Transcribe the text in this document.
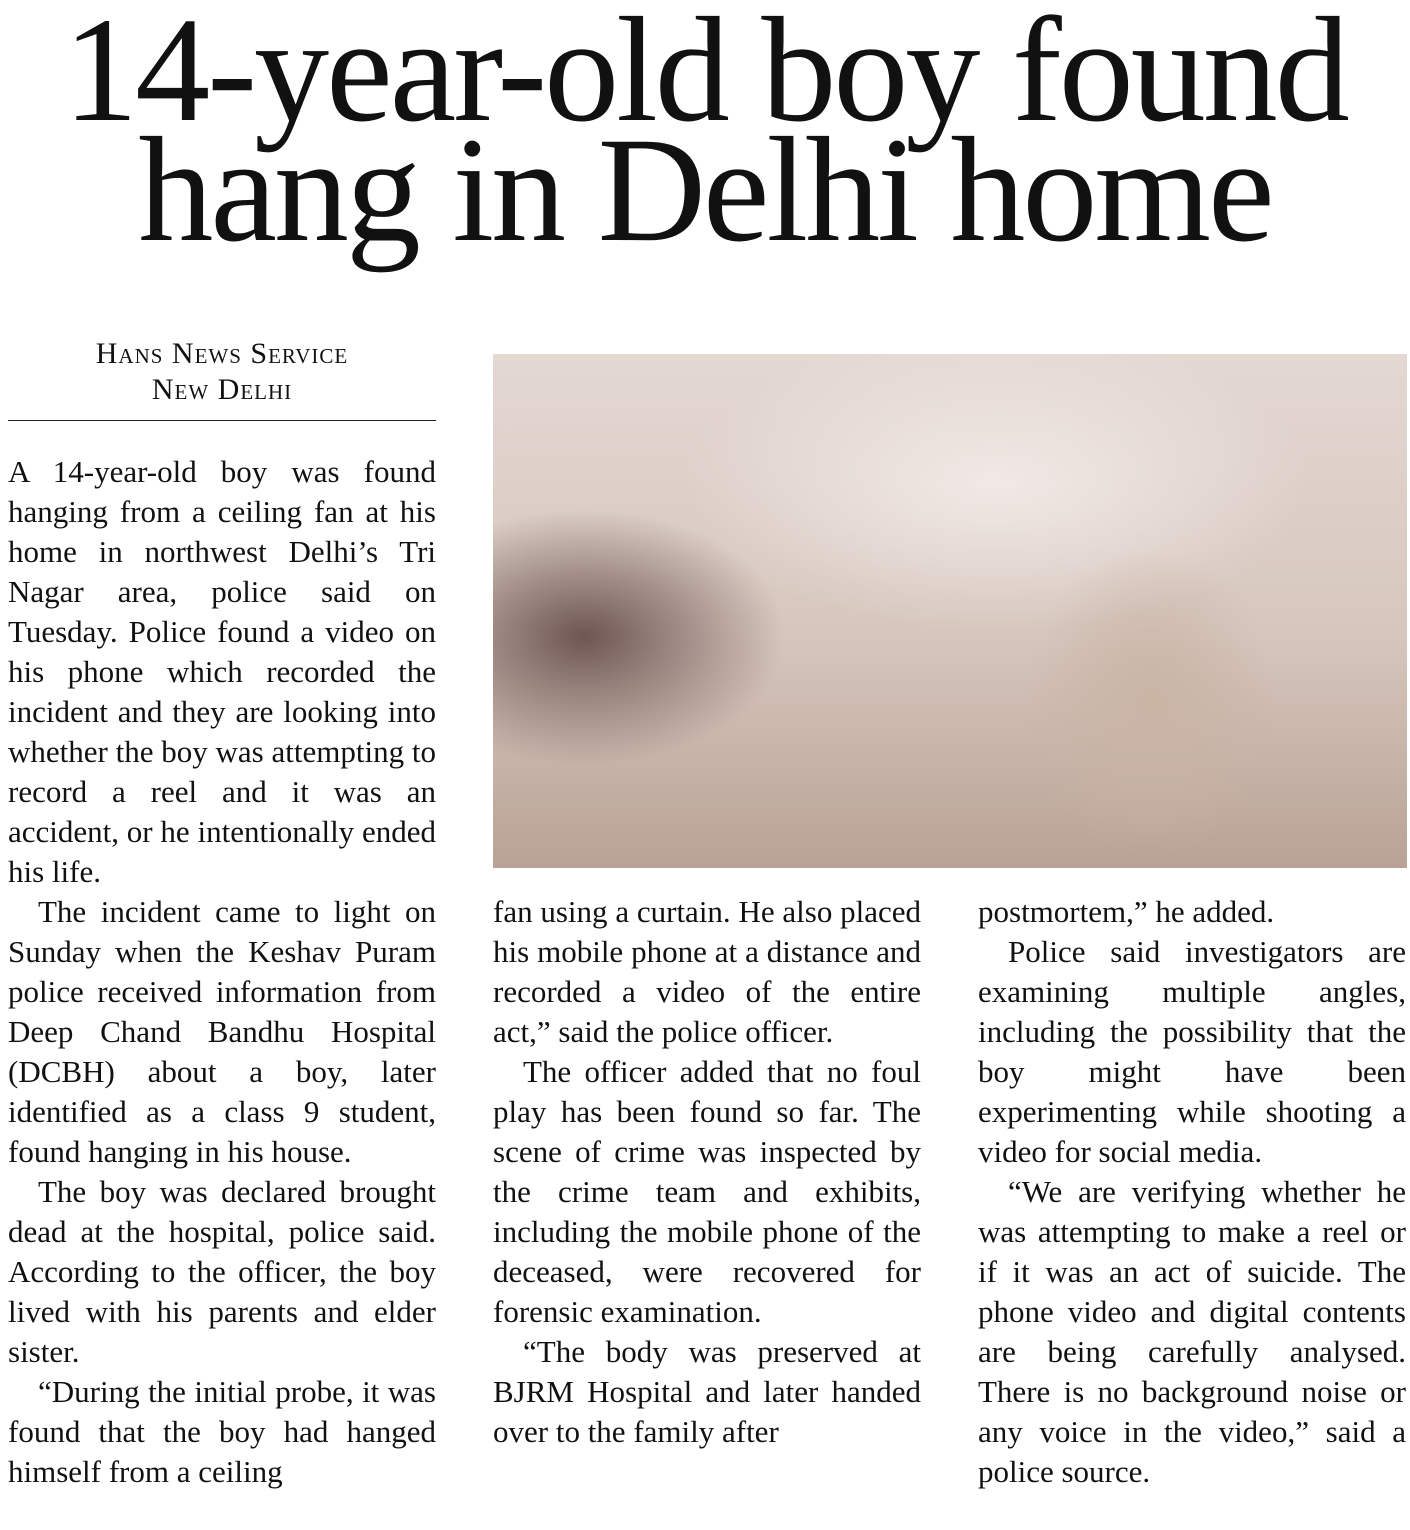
14-year-old boy found
hang in Delhi home
Hans News Service
New Delhi

A 14-year-old boy was found hanging from a ceiling fan at his home in northwest Delhi’s Tri Nagar area, police said on Tuesday. Police found a video on his phone which recorded the incident and they are looking into whether the boy was attempting to record a reel and it was an accident, or he intentionally ended his life.

The incident came to light on Sunday when the Keshav Puram police received information from Deep Chand Bandhu Hospital (DCBH) about a boy, later identified as a class 9 student, found hanging in his house.

The boy was declared brought dead at the hospital, police said. According to the officer, the boy lived with his parents and elder sister.

“During the initial probe, it was found that the boy had hanged himself from a ceiling

fan using a curtain. He also placed his mobile phone at a distance and recorded a video of the entire act,” said the police officer.

The officer added that no foul play has been found so far. The scene of crime was inspected by the crime team and exhibits, including the mobile phone of the deceased, were recovered for forensic examination.

“The body was preserved at BJRM Hospital and later handed over to the family after

postmortem,” he added.

Police said investigators are examining multiple angles, including the possibility that the boy might have been experimenting while shooting a video for social media.

“We are verifying whether he was attempting to make a reel or if it was an act of suicide. The phone video and digital contents are being carefully analysed. There is no background noise or any voice in the video,” said a police source.
